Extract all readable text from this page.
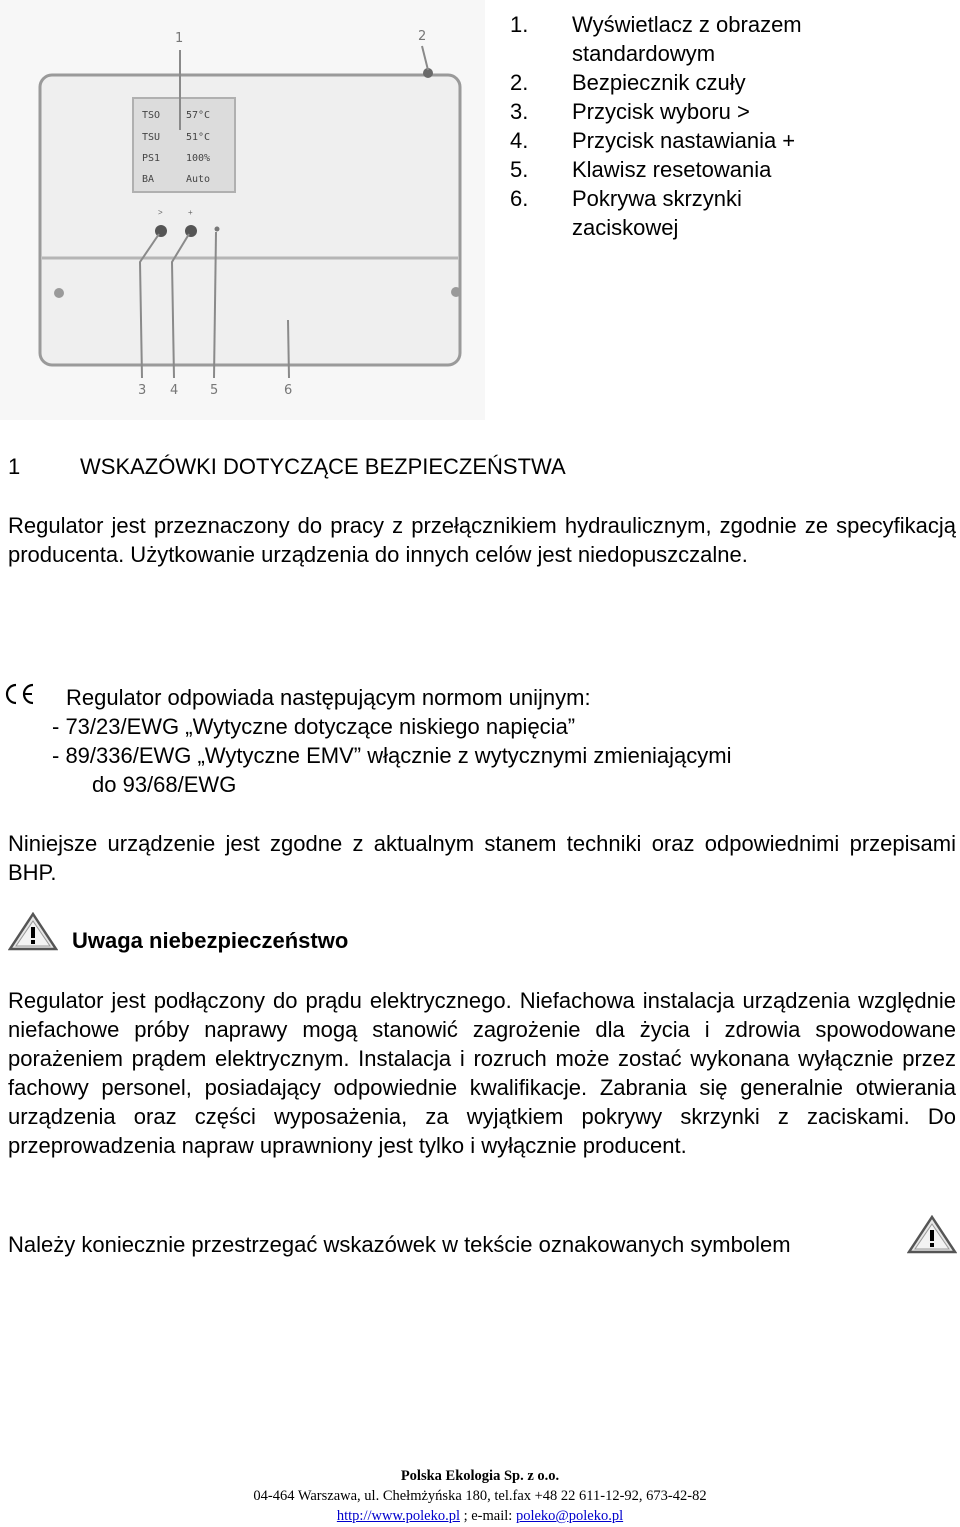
TSO	57°C
TSU	51°C
PS1	100%
BA	Auto
>	+
1	2
3 4 5	6
1.	Wyświetlacz z obrazem standardowym
2.	Bezpiecznik czuły
3.	Przycisk wyboru >
4.	Przycisk nastawiania +
5.	Klawisz resetowania
6.	Pokrywa skrzynki zaciskowej
1	WSKAZÓWKI DOTYCZĄCE BEZPIECZEŃSTWA
Regulator jest przeznaczony do pracy z przełącznikiem hydraulicznym, zgodnie ze specyfikacją producenta. Użytkowanie urządzenia do innych celów jest niedopuszczalne.
Regulator odpowiada następującym normom unijnym:
- 73/23/EWG „Wytyczne dotyczące niskiego napięcia”
- 89/336/EWG „Wytyczne EMV” włącznie z wytycznymi zmieniającymi
do 93/68/EWG
Niniejsze urządzenie jest zgodne z aktualnym stanem techniki oraz odpowiednimi przepisami BHP.
Uwaga niebezpieczeństwo
Regulator jest podłączony do prądu elektrycznego. Niefachowa instalacja urządzenia względnie niefachowe próby naprawy mogą stanowić zagrożenie dla życia i zdrowia spowodowane porażeniem prądem elektrycznym. Instalacja i rozruch może zostać wykonana wyłącznie przez fachowy personel, posiadający odpowiednie kwalifikacje. Zabrania się generalnie otwierania urządzenia oraz części wyposażenia, za wyjątkiem pokrywy skrzynki z zaciskami. Do przeprowadzenia napraw uprawniony jest tylko i wyłącznie producent.
Należy koniecznie przestrzegać wskazówek w tekście oznakowanych symbolem
Polska Ekologia Sp. z o.o.
04-464 Warszawa, ul. Chełmżyńska 180, tel.fax +48 22 611-12-92, 673-42-82
http://www.poleko.pl ; e-mail: poleko@poleko.pl
